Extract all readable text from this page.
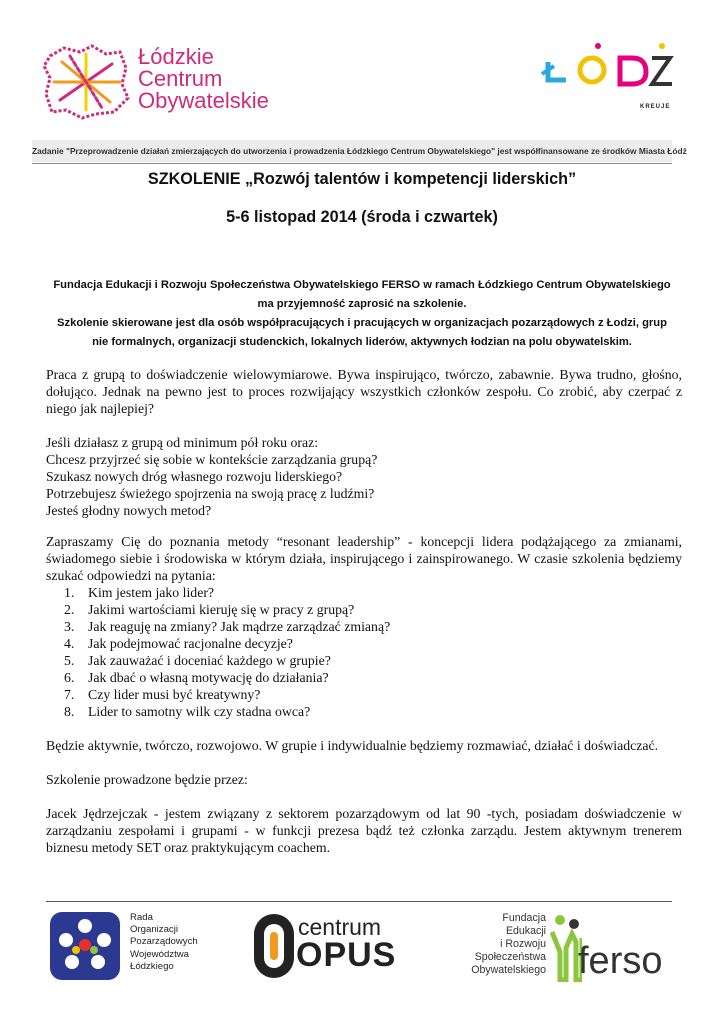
Łódzkie
Centrum
Obywatelskie	KREUJE
Zadanie "Przeprowadzenie działań zmierzających do utworzenia i prowadzenia Łódzkiego Centrum Obywatelskiego" jest współfinansowane ze środków Miasta Łódź
SZKOLENIE „Rozwój talentów i kompetencji liderskich”
5-6 listopad 2014 (środa i czwartek)
Fundacja Edukacji i Rozwoju Społeczeństwa Obywatelskiego FERSO w ramach Łódzkiego Centrum Obywatelskiego
ma przyjemność zaprosić na szkolenie.
Szkolenie skierowane jest dla osób współpracujących i pracujących w organizacjach pozarządowych z Łodzi, grup
nie formalnych, organizacji studenckich, lokalnych liderów, aktywnych łodzian na polu obywatelskim.
Praca z grupą to doświadczenie wielowymiarowe. Bywa inspirująco, twórczo, zabawnie. Bywa trudno, głośno, dołująco. Jednak na pewno jest to proces rozwijający wszystkich członków zespołu. Co zrobić, aby czerpać z niego jak najlepiej?
Jeśli działasz z grupą od minimum pół roku oraz:
Chcesz przyjrzeć się sobie w kontekście zarządzania grupą?
Szukasz nowych dróg własnego rozwoju liderskiego?
Potrzebujesz świeżego spojrzenia na swoją pracę z ludźmi?
Jesteś głodny nowych metod?
Zapraszamy Cię do poznania metody “resonant leadership” - koncepcji lidera podążającego za zmianami, świadomego siebie i środowiska w którym działa, inspirującego i zainspirowanego. W czasie szkolenia będziemy szukać odpowiedzi na pytania:
1. Kim jestem jako lider?
2. Jakimi wartościami kieruję się w pracy z grupą?
3. Jak reaguję na zmiany? Jak mądrze zarządzać zmianą?
4. Jak podejmować racjonalne decyzje?
5. Jak zauważać i doceniać każdego w grupie?
6. Jak dbać o własną motywację do działania?
7. Czy lider musi być kreatywny?
8. Lider to samotny wilk czy stadna owca?
Będzie aktywnie, twórczo, rozwojowo. W grupie i indywidualnie będziemy rozmawiać, działać i doświadczać.
Szkolenie prowadzone będzie przez:
Jacek Jędrzejczak - jestem związany z sektorem pozarządowym od lat 90 -tych, posiadam doświadczenie w zarządzaniu zespołami i grupami - w funkcji prezesa bądź też członka zarządu. Jestem aktywnym trenerem biznesu metody SET oraz praktykującym coachem.
Rada
Organizacji
Pozarządowych
Województwa
Łódzkiego
centrum
OPUS
Fundacja
Edukacji
i Rozwoju
Społeczeństwa
Obywatelskiego ferso
